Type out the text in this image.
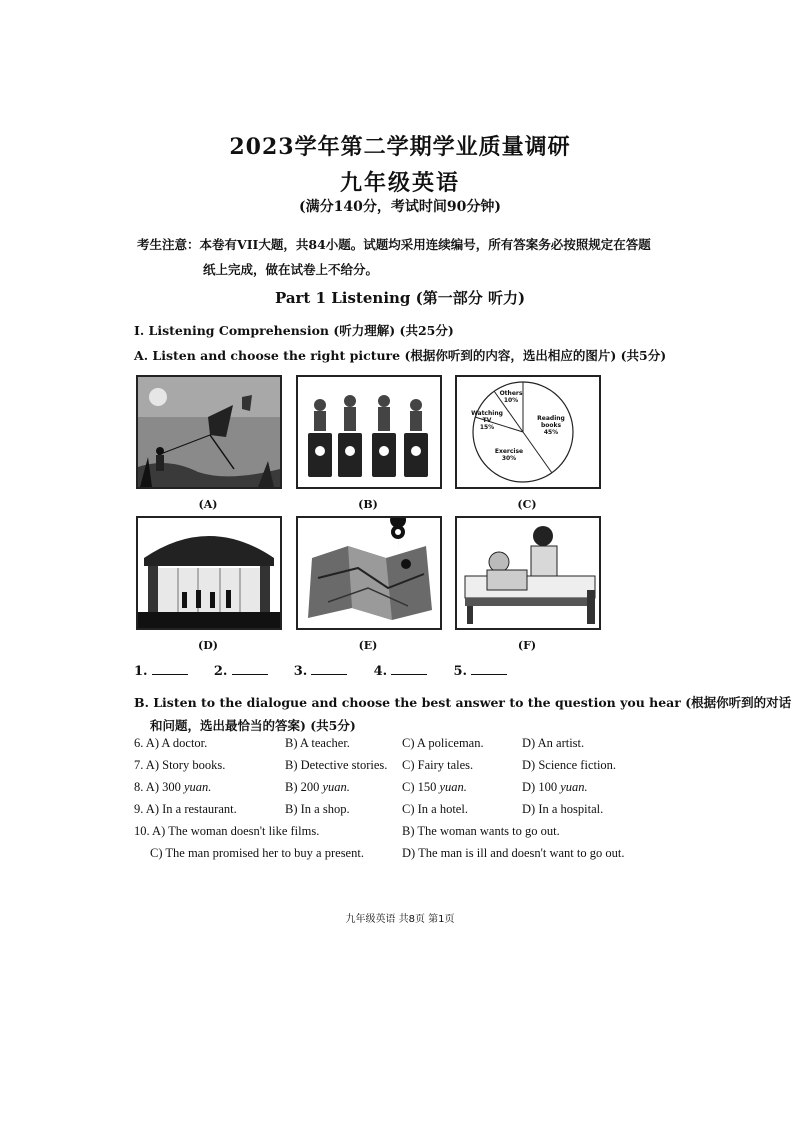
2023学年第二学期学业质量调研
九年级英语
(满分140分，考试时间90分钟)
考生注意：本卷有VII大题，共84小题。试题均采用连续编号，所有答案务必按照规定在答题
纸上完成，做在试卷上不给分。
Part 1 Listening (第一部分 听力)
I. Listening Comprehension (听力理解) (共25分)
A. Listen and choose the right picture (根据你听到的内容，选出相应的图片) (共5分)
(A)	(B)
Others
10%
Watching
TV
15%
Reading
books
45%
Exercise
30%
(C)
(D)	(E)	(F)
1.	2.	3.	4.	5.
B. Listen to the dialogue and choose the best answer to the question you hear (根据你听到的对话
和问题，选出最恰当的答案) (共5分)
6. A) A doctor.	B) A teacher.	C) A policeman.	D) An artist.
7. A) Story books.	B) Detective stories. C) Fairy tales.	D) Science fiction.
8. A) 300 yuan.	B) 200 yuan.	C) 150 yuan.	D) 100 yuan.
9. A) In a restaurant.	B) In a shop.	C) In a hotel.	D) In a hospital.
10. A) The woman doesn't like films.	B) The woman wants to go out.
C) The man promised her to buy a present.	D) The man is ill and doesn't want to go out.
九年级英语 共8页 第1页
